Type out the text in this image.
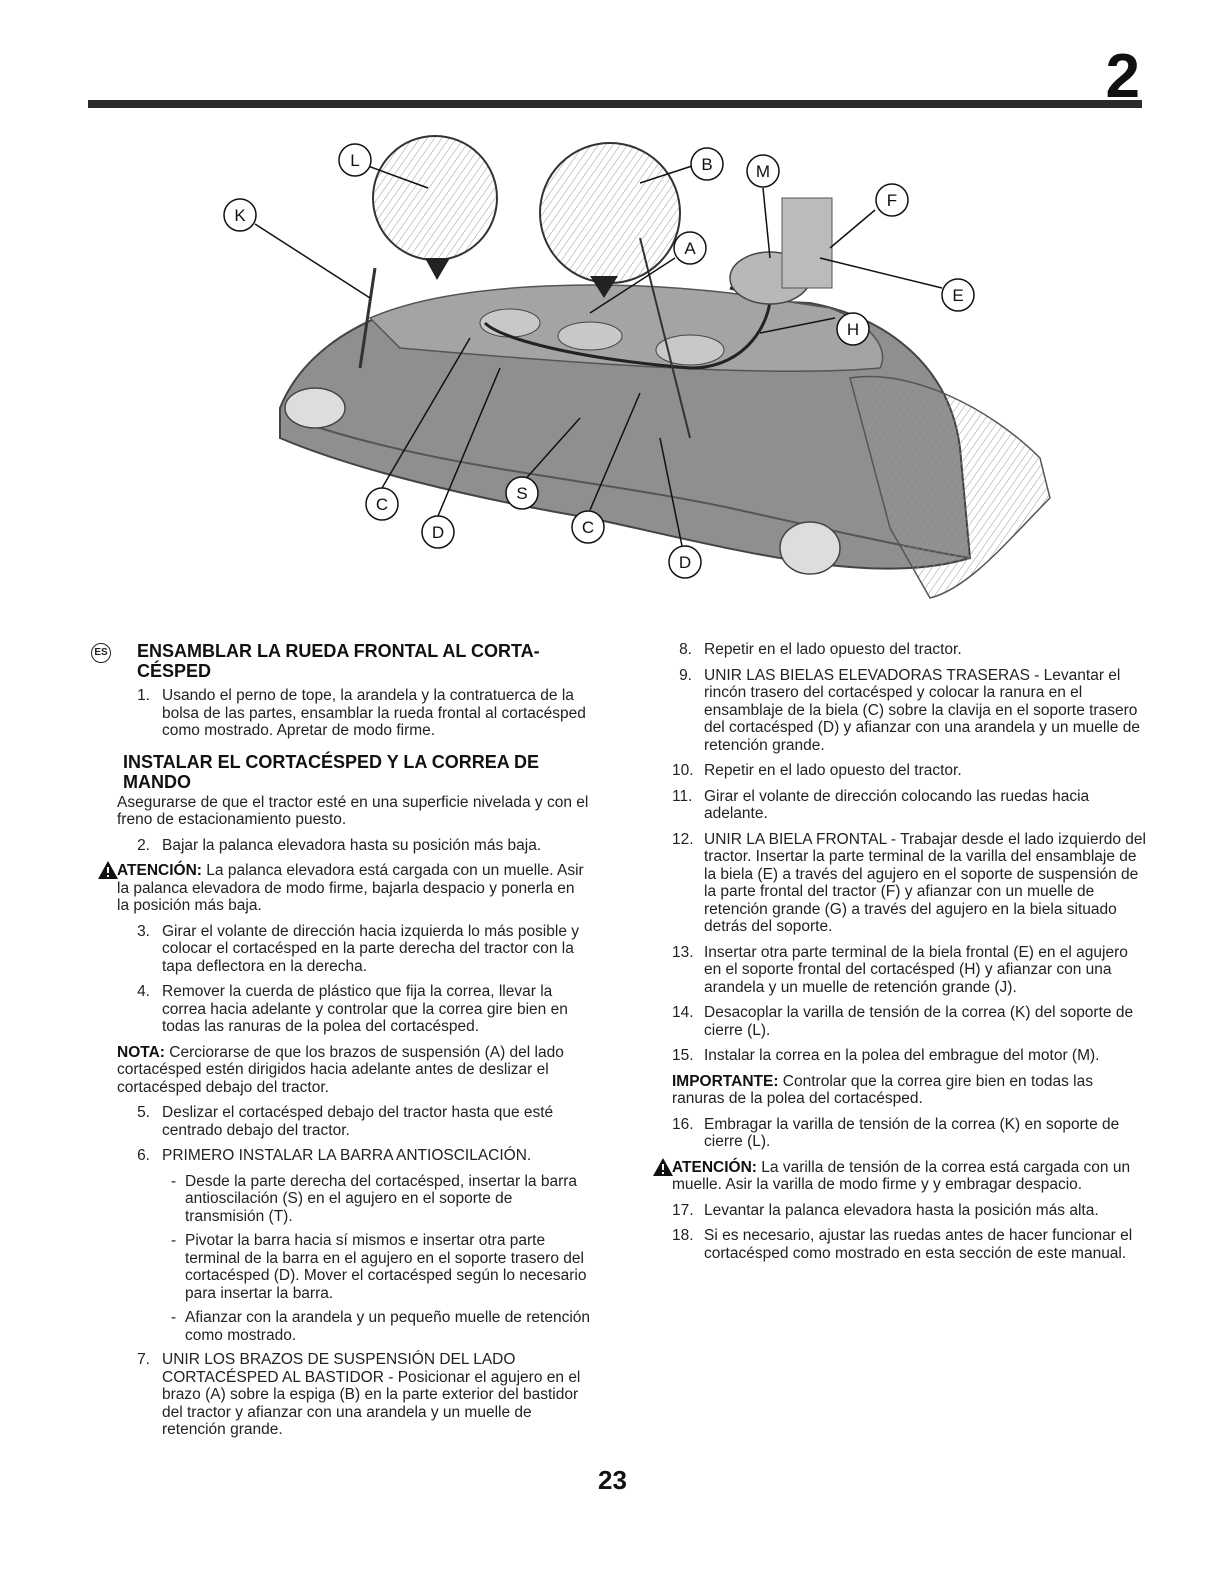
2
L
K
B	M
A
F
E
H
C
D
S
C
D
ES ENSAMBLAR LA RUEDA FRONTAL AL CORTA-CÉSPED
1. Usando el perno de tope, la arandela y la contratuerca de la bolsa de las partes, ensamblar la rueda frontal al cortacésped como mostrado. Apretar de modo firme.
INSTALAR EL CORTACÉSPED Y LA CORREA DE MANDO

Asegurarse de que el tractor esté en una superficie nivelada y con el freno de estacionamiento puesto.

2. Bajar la palanca elevadora hasta su posición más baja.
ATENCIÓN: La palanca elevadora está cargada con un muelle. Asir la palanca elevadora de modo firme, bajarla despacio y ponerla en la posición más baja.
3. Girar el volante de dirección hacia izquierda lo más posible y colocar el cortacésped en la parte derecha del tractor con la tapa deflectora en la derecha.
4. Remover la cuerda de plástico que fija la correa, llevar la correa hacia adelante y controlar que la correa gire bien en todas las ranuras de la polea del cortacésped.

NOTA: Cerciorarse de que los brazos de suspensión (A) del lado cortacésped estén dirigidos hacia adelante antes de deslizar el cortacésped debajo del tractor.

5. Deslizar el cortacésped debajo del tractor hasta que esté centrado debajo del tractor.
6. PRIMERO INSTALAR LA BARRA ANTIOSCILACIÓN.
- Desde la parte derecha del cortacésped, insertar la barra antioscilación (S) en el agujero en el soporte de transmisión (T).
- Pivotar la barra hacia sí mismos e insertar otra parte terminal de la barra en el agujero en el soporte trasero del cortacésped (D). Mover el cortacésped según lo necesario para insertar la barra.
- Afianzar con la arandela y un pequeño muelle de retención como mostrado.
7. UNIR LOS BRAZOS DE SUSPENSIÓN DEL LADO CORTACÉSPED AL BASTIDOR - Posicionar el agujero en el brazo (A) sobre la espiga (B) en la parte exterior del bastidor del tractor y afianzar con una arandela y un muelle de retención grande.
8. Repetir en el lado opuesto del tractor.
9. UNIR LAS BIELAS ELEVADORAS TRASERAS - Levantar el rincón trasero del cortacésped y colocar la ranura en el ensamblaje de la biela (C) sobre la clavija en el soporte trasero del cortacésped (D) y afianzar con una arandela y un muelle de retención grande.
10. Repetir en el lado opuesto del tractor.
11. Girar el volante de dirección colocando las ruedas hacia adelante.
12. UNIR LA BIELA FRONTAL - Trabajar desde el lado izquierdo del tractor. Insertar la parte terminal de la varilla del ensamblaje de la biela (E) a través del agujero en el soporte de suspensión de la parte frontal del tractor (F) y afianzar con un muelle de retención grande (G) a través del agujero en la biela situado detrás del soporte.
13. Insertar otra parte terminal de la biela frontal (E) en el agujero en el soporte frontal del cortacésped (H) y afianzar con una arandela y un muelle de retención grande (J).
14. Desacoplar la varilla de tensión de la correa (K) del soporte de cierre (L).
15. Instalar la correa en la polea del embrague del motor (M).

IMPORTANTE: Controlar que la correa gire bien en todas las ranuras de la polea del cortacésped.

16. Embragar la varilla de tensión de la correa (K) en soporte de cierre (L).
ATENCIÓN: La varilla de tensión de la correa está cargada con un muelle. Asir la varilla de modo firme y y embragar despacio.
17. Levantar la palanca elevadora hasta la posición más alta.
18. Si es necesario, ajustar las ruedas antes de hacer funcionar el cortacésped como mostrado en esta sección de este manual.
23
